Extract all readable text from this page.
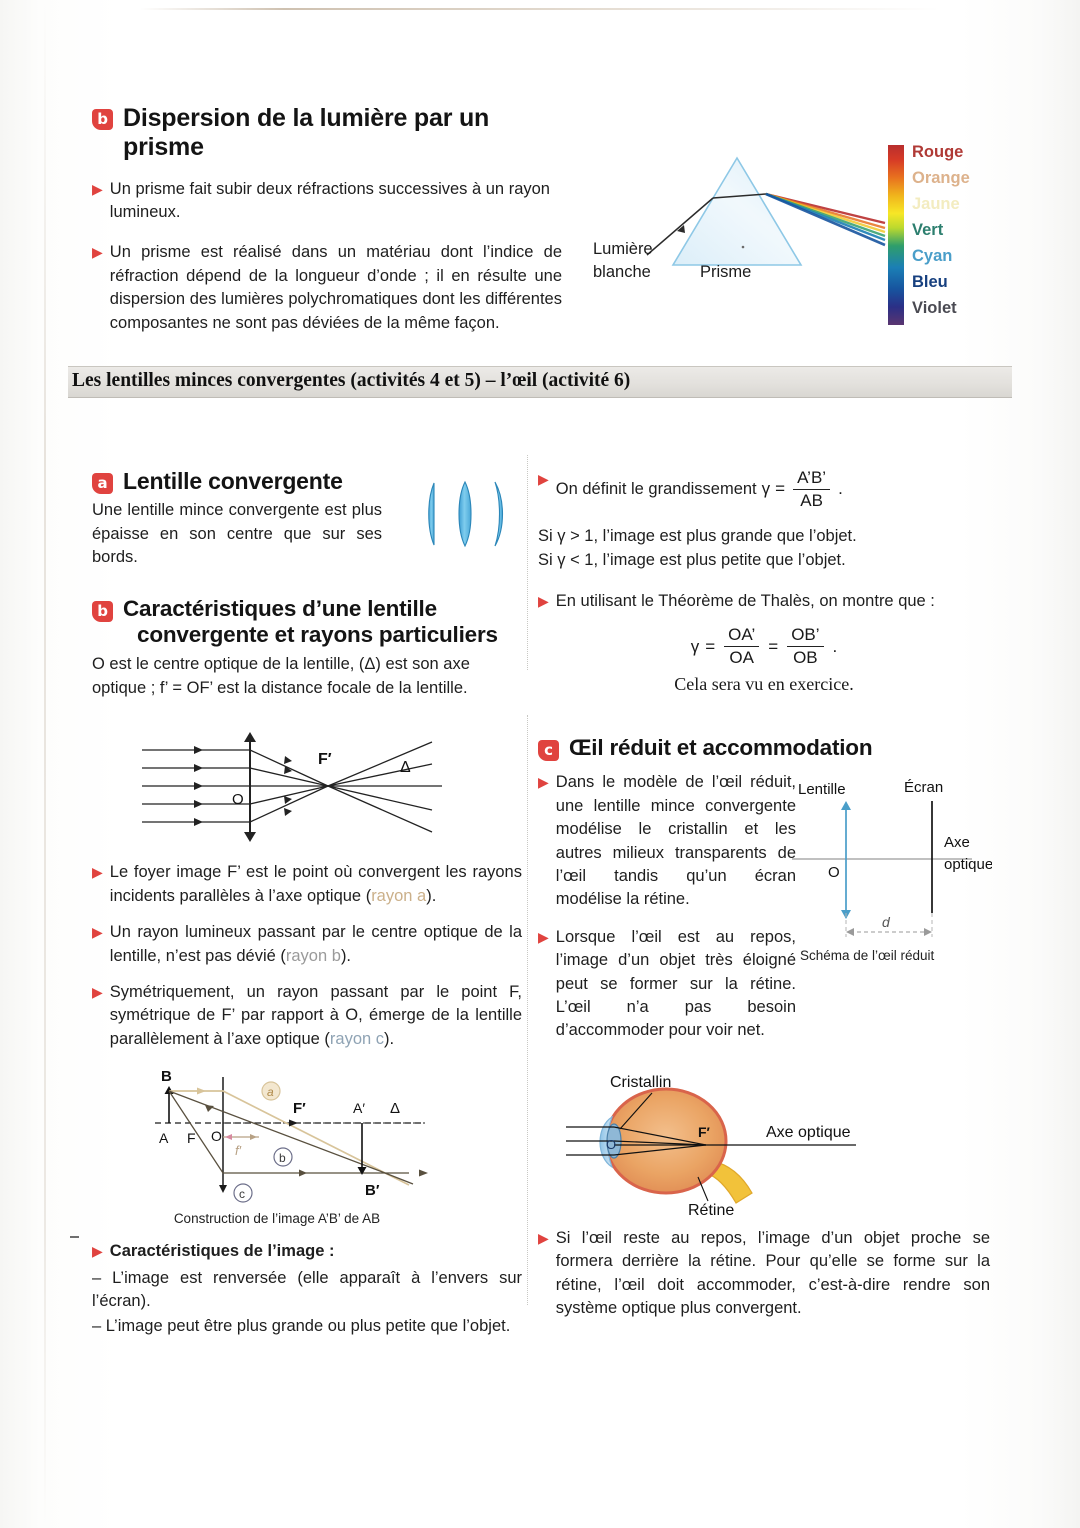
b Dispersion de la lumière par un prisme
▶ Un prisme fait subir deux réfractions successives à un rayon lumineux.

▶ Un prisme est réalisé dans un matériau dont l’indice de réfraction dépend de la longueur d’onde ; il en résulte une dispersion des lumières polychromatiques dont les différentes composantes ne sont pas déviées de la même façon.

Rouge
Orange
Jaune
Vert
Cyan
Bleu
Violet
Lumière
blanche	Prisme
Les lentilles minces convergentes (activités 4 et 5) – l’œil (activité 6)
a Lentille convergente

Une lentille mince convergente est plus épaisse en son centre que sur ses bords.

b Caractéristiques d’une lentille
convergente et rayons particuliers

O est le centre optique de la lentille, (Δ) est son axe optique ; f’ = OF’ est la distance focale de la lentille.

F′
O
Δ
▶ Le foyer image F’ est le point où convergent les rayons incidents parallèles à l’axe optique (rayon a).

▶ Un rayon lumineux passant par le centre optique de la lentille, n’est pas dévié (rayon b).

▶ Symétriquement, un rayon passant par le point F, symétrique de F’ par rapport à O, émerge de la lentille parallèlement à l’axe optique (rayon c).

B
A F O
f′
F′	A′ Δ
B′
a
b
c
Construction de l’image A’B’ de AB
▶ Caractéristiques de l’image :

– L’image est renversée (elle apparaît à l’envers sur l’écran).

– L’image peut être plus grande ou plus petite que l’objet.

▶
On définit le grandissement $\gamma = \frac{A’B’}{AB}$ .

Si γ > 1, l’image est plus grande que l’objet.

Si γ < 1, l’image est plus petite que l’objet.

▶ En utilisant le Théorème de Thalès, on montre que :

$\gamma = \frac{OA’}{OA} = \frac{OB’}{OB}$ .
Cela sera vu en exercice.
c Œil réduit et accommodation
▶ Dans le modèle de l’œil réduit, une lentille mince convergente modélise le cristallin et les autres milieux transparents de l’œil tandis qu’un écran modélise la rétine.

▶ Lorsque l’œil est au repos, l’image d’un objet très éloigné peut se former sur la rétine. L’œil n’a pas besoin d’accommoder pour voir net.

d
Lentille	Écran
O
Axe
optique
Schéma de l’œil réduit
Cristallin
Rétine
Axe optique
O
F′
▶ Si l’œil reste au repos, l’image d’un objet proche se formera derrière la rétine. Pour qu’elle se forme sur la rétine, l’œil doit accommoder, c’est-à-dire rendre son système optique plus convergent.
